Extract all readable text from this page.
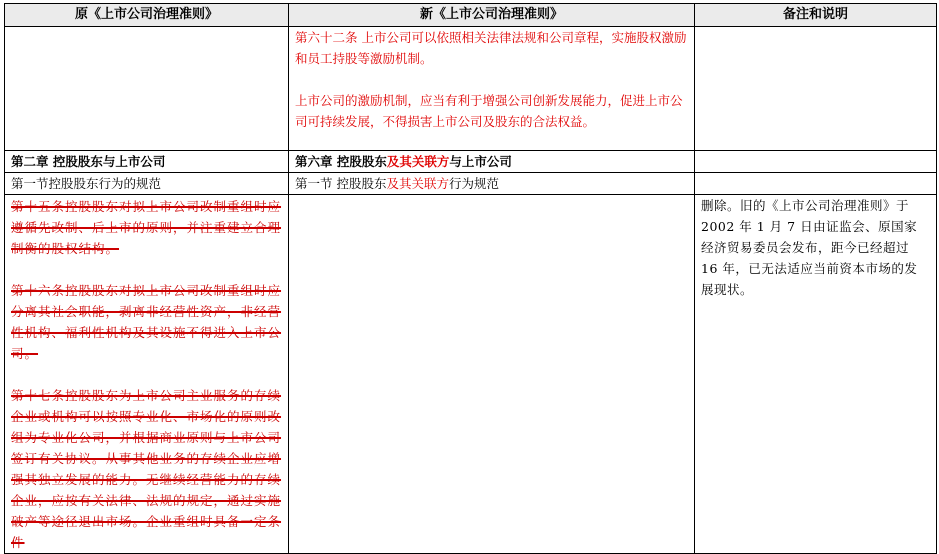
原《上市公司治理准则》	新《上市公司治理准则》	备注和说明

	第六十二条 上市公司可以依照相关法律法规和公司章程，实施股权激励和员工持股等激励机制。
上市公司的激励机制，应当有利于增强公司创新发展能力，促进上市公司可持续发展，不得损害上市公司及股东的合法权益。	

第二章 控股股东与上市公司	第六章 控股股东及其关联方与上市公司	
第一节控股股东行为的规范	第一节 控股股东及其关联方行为规范	

第十五条控股股东对拟上市公司改制重组时应遵循先改制、后上市的原则，并注重建立合理制衡的股权结构。
第十六条控股股东对拟上市公司改制重组时应分离其社会职能，剥离非经营性资产，非经营性机构、福利性机构及其设施不得进入上市公司。
第十七条控股股东为上市公司主业服务的存续企业或机构可以按照专业化、市场化的原则改组为专业化公司，并根据商业原则与上市公司签订有关协议。从事其他业务的存续企业应增强其独立发展的能力。无继续经营能力的存续企业，应按有关法律、法规的规定，通过实施破产等途径退出市场。企业重组时具备一定条件		删除。旧的《上市公司治理准则》于 2002 年 1 月 7 日由证监会、原国家经济贸易委员会发布，距今已经超过 16 年，已无法适应当前资本市场的发展现状。
